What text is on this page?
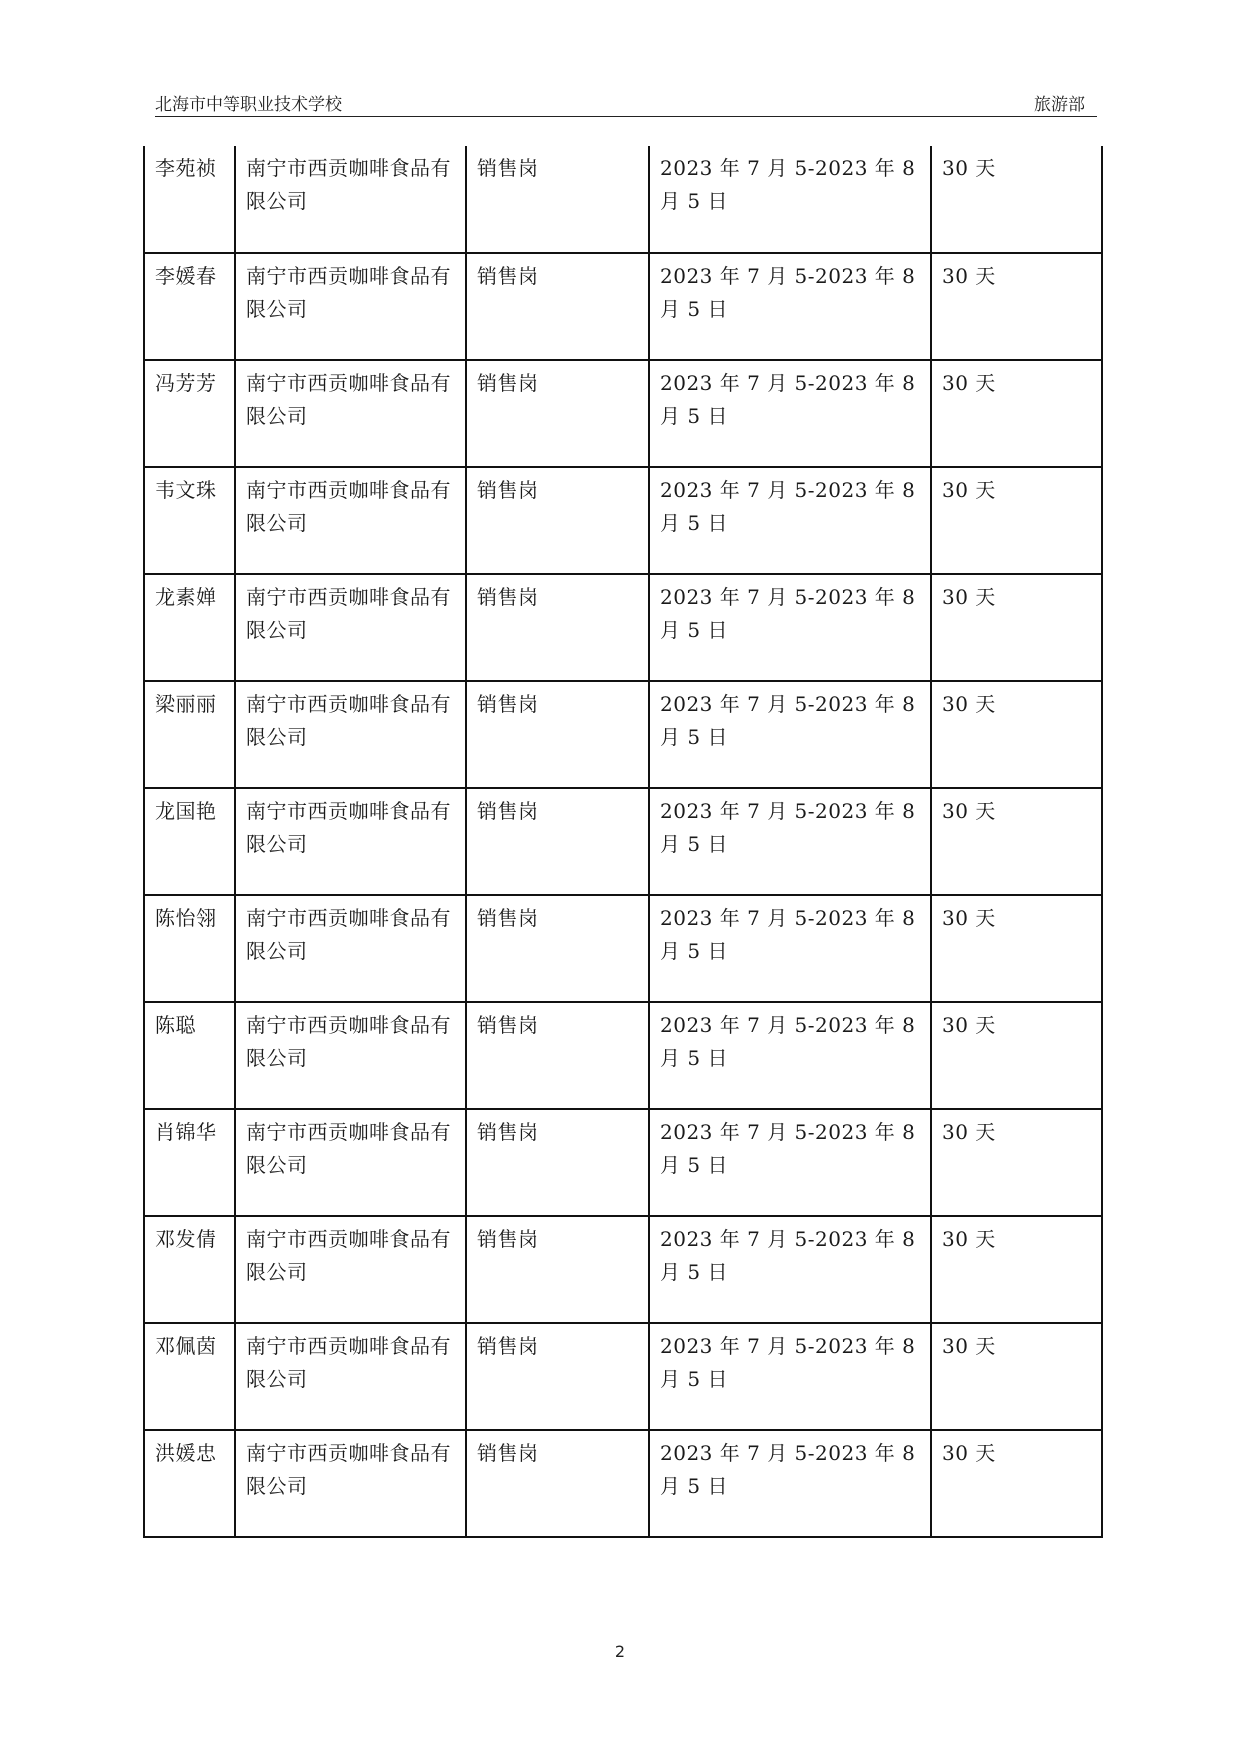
北海市中等职业技术学校	旅游部
李苑祯	南宁市西贡咖啡食品有限公司	销售岗	2023 年 7 月 5-2023 年 8 月 5 日	30 天
李媛春	南宁市西贡咖啡食品有限公司	销售岗	2023 年 7 月 5-2023 年 8 月 5 日	30 天
冯芳芳	南宁市西贡咖啡食品有限公司	销售岗	2023 年 7 月 5-2023 年 8 月 5 日	30 天
韦文珠	南宁市西贡咖啡食品有限公司	销售岗	2023 年 7 月 5-2023 年 8 月 5 日	30 天
龙素婵	南宁市西贡咖啡食品有限公司	销售岗	2023 年 7 月 5-2023 年 8 月 5 日	30 天
梁丽丽	南宁市西贡咖啡食品有限公司	销售岗	2023 年 7 月 5-2023 年 8 月 5 日	30 天
龙国艳	南宁市西贡咖啡食品有限公司	销售岗	2023 年 7 月 5-2023 年 8 月 5 日	30 天
陈怡翎	南宁市西贡咖啡食品有限公司	销售岗	2023 年 7 月 5-2023 年 8 月 5 日	30 天
陈聪	南宁市西贡咖啡食品有限公司	销售岗	2023 年 7 月 5-2023 年 8 月 5 日	30 天
肖锦华	南宁市西贡咖啡食品有限公司	销售岗	2023 年 7 月 5-2023 年 8 月 5 日	30 天
邓发倩	南宁市西贡咖啡食品有限公司	销售岗	2023 年 7 月 5-2023 年 8 月 5 日	30 天
邓佩茵	南宁市西贡咖啡食品有限公司	销售岗	2023 年 7 月 5-2023 年 8 月 5 日	30 天
洪媛忠	南宁市西贡咖啡食品有限公司	销售岗	2023 年 7 月 5-2023 年 8 月 5 日	30 天
2
